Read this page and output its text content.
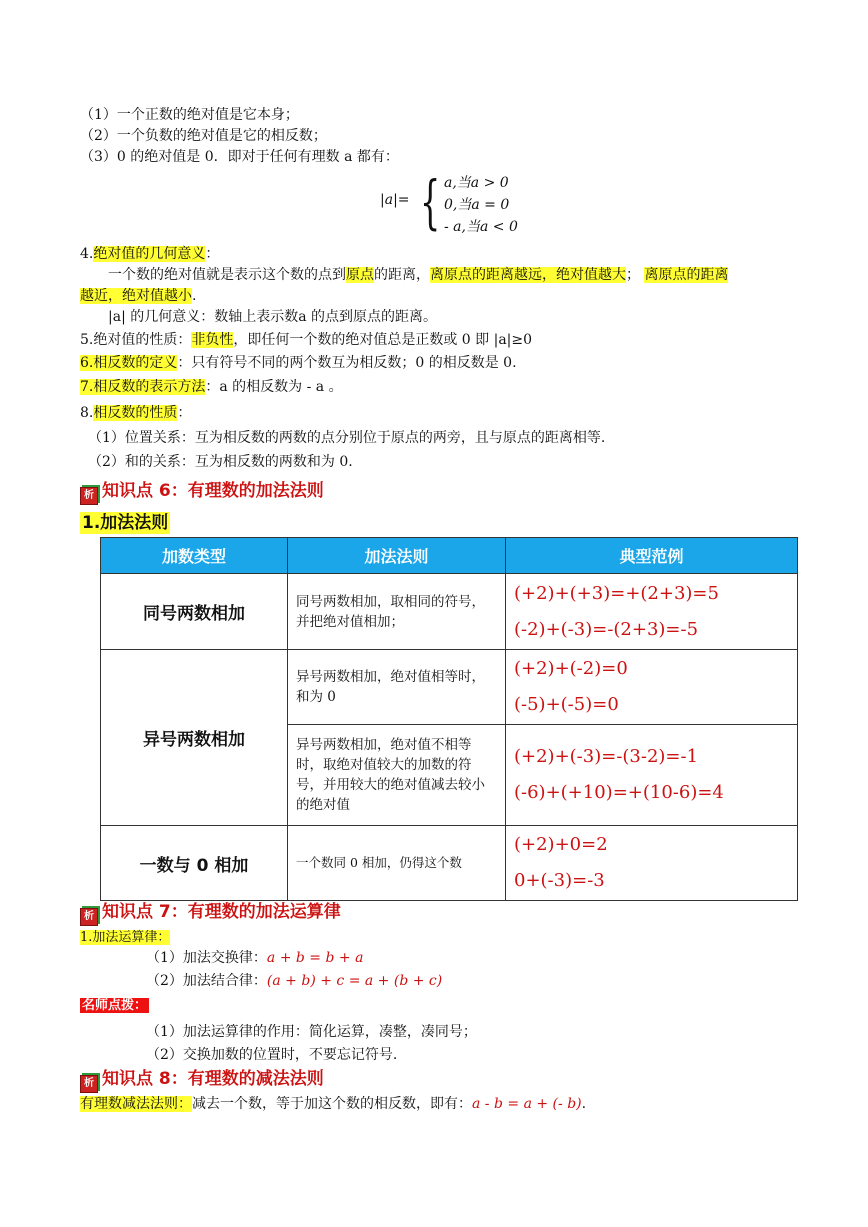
（1）一个正数的绝对值是它本身；
（2）一个负数的绝对值是它的相反数；
（3）0 的绝对值是 0．即对于任何有理数 a 都有：
|a|= { a,当a > 0
0,当a = 0
- a,当a < 0
4.绝对值的几何意义：
一个数的绝对值就是表示这个数的点到原点的距离，离原点的距离越远，绝对值越大； 离原点的距离
越近，绝对值越小.
|a| 的几何意义：数轴上表示数a 的点到原点的距离。
5.绝对值的性质：非负性，即任何一个数的绝对值总是正数或 0 即 |a|≥0
6.相反数的定义：只有符号不同的两个数互为相反数；0 的相反数是 0.
7.相反数的表示方法：a 的相反数为 - a 。
8.相反数的性质：
（1）位置关系：互为相反数的两数的点分别位于原点的两旁，且与原点的距离相等.
（2）和的关系：互为相反数的两数和为 0.
析 知识点 6：有理数的加法法则
1.加法法则
加数类型	加法法则	典型范例
同号两数相加	同号两数相加，取相同的符号，并把绝对值相加；	(+2)+(+3)=+(2+3)=5
(-2)+(-3)=-(2+3)=-5

异号两数相加	异号两数相加，绝对值相等时，和为 0	(+2)+(-2)=0
(-5)+(-5)=0

	异号两数相加，绝对值不相等时，取绝对值较大的加数的符号，并用较大的绝对值减去较小的绝对值	(+2)+(-3)=-(3-2)=-1
(-6)+(+10)=+(10-6)=4

一数与 0 相加	一个数同 0 相加，仍得这个数	(+2)+0=2
0+(-3)=-3
析 知识点 7：有理数的加法运算律
1.加法运算律：
（1）加法交换律：a + b = b + a
（2）加法结合律：(a + b) + c = a + (b + c)
名师点拨：
（1）加法运算律的作用：简化运算，凑整，凑同号；
（2）交换加数的位置时，不要忘记符号.
析 知识点 8：有理数的减法法则
有理数减法法则：减去一个数，等于加这个数的相反数，即有：a - b = a + (- b).
